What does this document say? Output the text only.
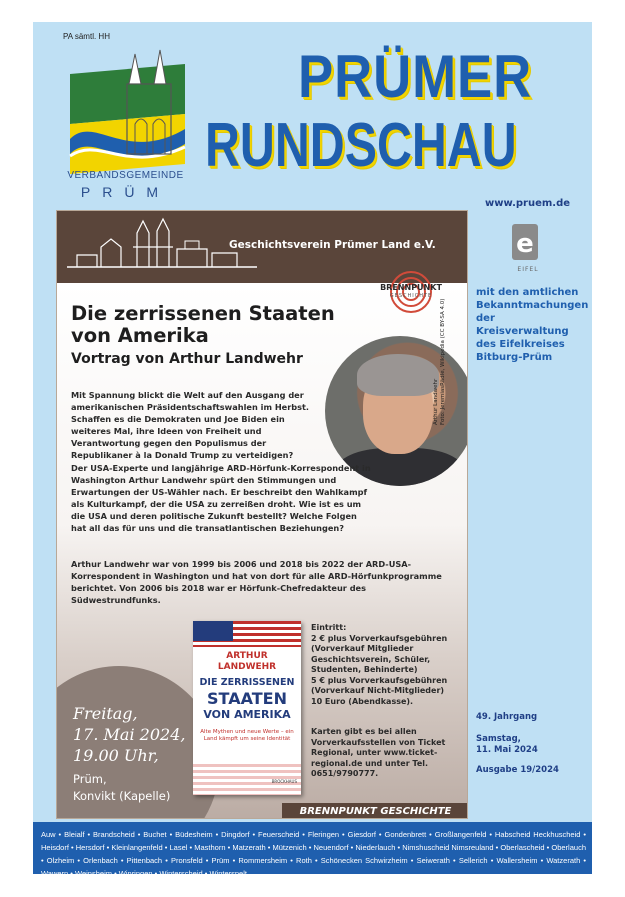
PA sämtl. HH
VERBANDSGEMEINDE
PRÜM
PRÜMER
RUNDSCHAU
www.pruem.de
e
EIFEL
mit den amtlichen Bekanntmachungen der Kreisverwaltung des Eifelkreises Bitburg-Prüm
Geschichtsverein Prümer Land e.V.
BRENNPUNKT
GESCHICHTE
Die zerrissenen Staaten
von Amerika
Vortrag von Arthur Landwehr
Arthur Landwehr Foto: JeremiasRädle, Wikipedia (CC BY-SA 4.0)
Mit Spannung blickt die Welt auf den Ausgang der amerikanischen Präsidentschaftswahlen im Herbst. Schaffen es die Demokraten und Joe Biden ein weiteres Mal, ihre Ideen von Freiheit und Verantwortung gegen den Populismus der Republikaner à la Donald Trump zu verteidigen?
Der USA-Experte und langjährige ARD-Hörfunk-Korrespondent in Washington Arthur Landwehr spürt den Stimmungen und Erwartungen der US-Wähler nach. Er beschreibt den Wahlkampf als Kulturkampf, der die USA zu zerreißen droht. Wie ist es um die USA und deren politische Zukunft bestellt? Welche Folgen hat all das für uns und die transatlantischen Beziehungen?
Arthur Landwehr war von 1999 bis 2006 und 2018 bis 2022 der ARD-USA-Korrespondent in Washington und hat von dort für alle ARD-Hörfunkprogramme berichtet. Von 2006 bis 2018 war er Hörfunk-Chefredakteur des Südwestrundfunks.
Freitag,
17. Mai 2024,
19.00 Uhr,
Prüm,
Konvikt (Kapelle)
ARTHUR
LANDWEHR
DIE ZERRISSENEN
STAATEN
VON AMERIKA
Alte Mythen und neue Werte – ein Land kämpft um seine Identität
BROCKHAUS
Eintritt:
2 € plus Vorverkaufsgebühren (Vorverkauf Mitglieder Geschichtsverein, Schüler, Studenten, Behinderte)
5 € plus Vorverkaufsgebühren (Vorverkauf Nicht-Mitglieder)
10 Euro (Abendkasse).
Karten gibt es bei allen Vorverkaufsstellen von Ticket Regional, unter www.ticket-regional.de und unter Tel. 0651/9790777.
BRENNPUNKT GESCHICHTE
49. Jahrgang
Samstag,
11. Mai 2024
Ausgabe 19/2024
Auw • Bleialf • Brandscheid • Buchet • Büdesheim • Dingdorf • Feuerscheid • Fleringen • Giesdorf • Gondenbrett • Großlangenfeld • Habscheid Heckhuscheid • Heisdorf • Hersdorf • Kleinlangenfeld • Lasel • Masthorn • Matzerath • Mützenich • Neuendorf • Niederlauch • Nimshuscheid Nimsreuland • Oberlascheid • Oberlauch • Olzheim • Orlenbach • Pittenbach • Pronsfeld • Prüm • Rommersheim • Roth • Schönecken Schwirzheim • Seiwerath • Sellerich • Wallersheim • Watzerath • Wawern • Weinsheim • Winringen • Winterscheid • Winterspelt
